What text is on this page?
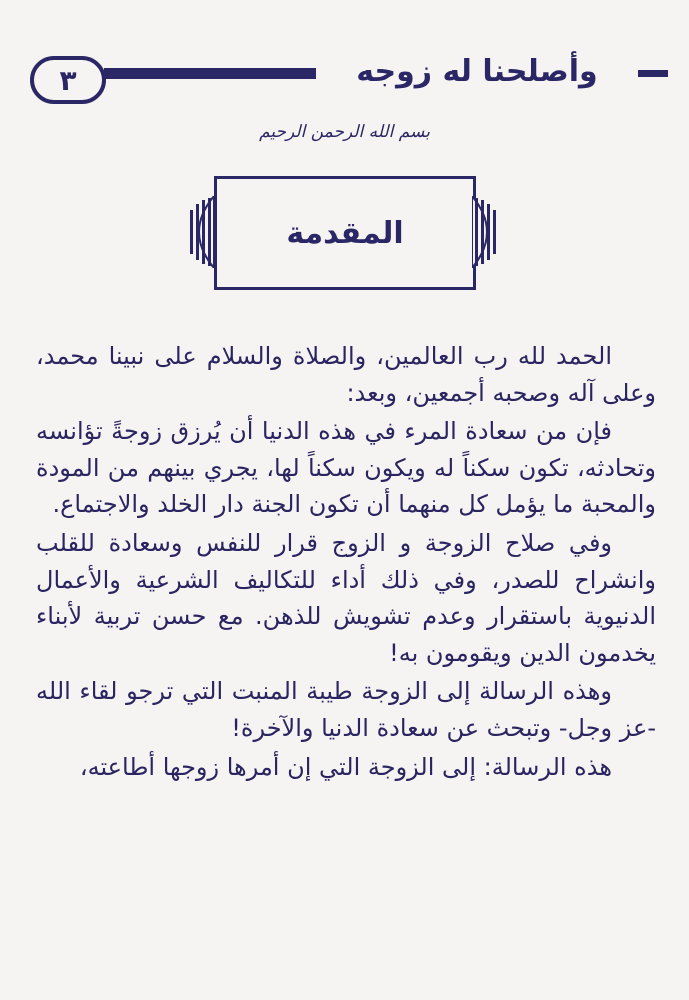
٣	وأصلحنا له زوجه
بسم الله الرحمن الرحيم
المقدمة

الحمد لله رب العالمين، والصلاة والسلام على نبينا محمد، وعلى آله وصحبه أجمعين، وبعد:

فإن من سعادة المرء في هذه الدنيا أن يُرزق زوجةً تؤانسه وتحادثه، تكون سكناً له ويكون سكناً لها، يجري بينهم من المودة والمحبة ما يؤمل كل منهما أن تكون الجنة دار الخلد والاجتماع.

وفي صلاح الزوجة و الزوج قرار للنفس وسعادة للقلب وانشراح للصدر، وفي ذلك أداء للتكاليف الشرعية والأعمال الدنيوية باستقرار وعدم تشويش للذهن. مع حسن تربية لأبناء يخدمون الدين ويقومون به!

وهذه الرسالة إلى الزوجة طيبة المنبت التي ترجو لقاء الله -عز وجل- وتبحث عن سعادة الدنيا والآخرة!

هذه الرسالة: إلى الزوجة التي إن أمرها زوجها أطاعته،
